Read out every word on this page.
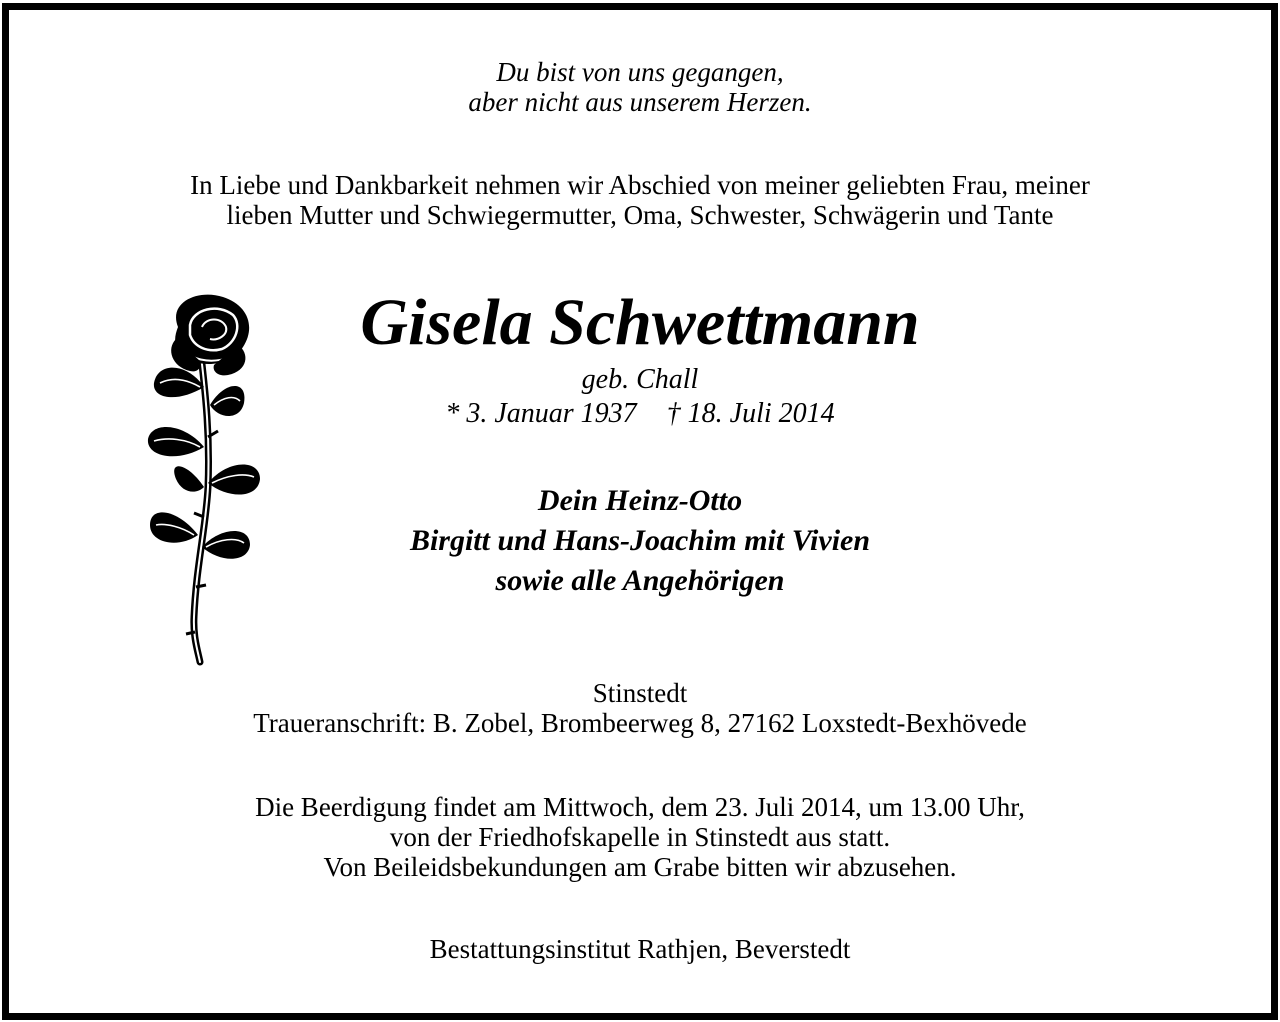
Du bist von uns gegangen,
aber nicht aus unserem Herzen.
In Liebe und Dankbarkeit nehmen wir Abschied von meiner geliebten Frau, meiner
lieben Mutter und Schwiegermutter, Oma, Schwester, Schwägerin und Tante
Gisela Schwettmann
geb. Chall
* 3. Januar 1937 † 18. Juli 2014
Dein Heinz-Otto
Birgitt und Hans-Joachim mit Vivien
sowie alle Angehörigen
Stinstedt
Traueranschrift: B. Zobel, Brombeerweg 8, 27162 Loxstedt-Bexhövede
Die Beerdigung findet am Mittwoch, dem 23. Juli 2014, um 13.00 Uhr,
von der Friedhofskapelle in Stinstedt aus statt.
Von Beileidsbekundungen am Grabe bitten wir abzusehen.
Bestattungsinstitut Rathjen, Beverstedt
